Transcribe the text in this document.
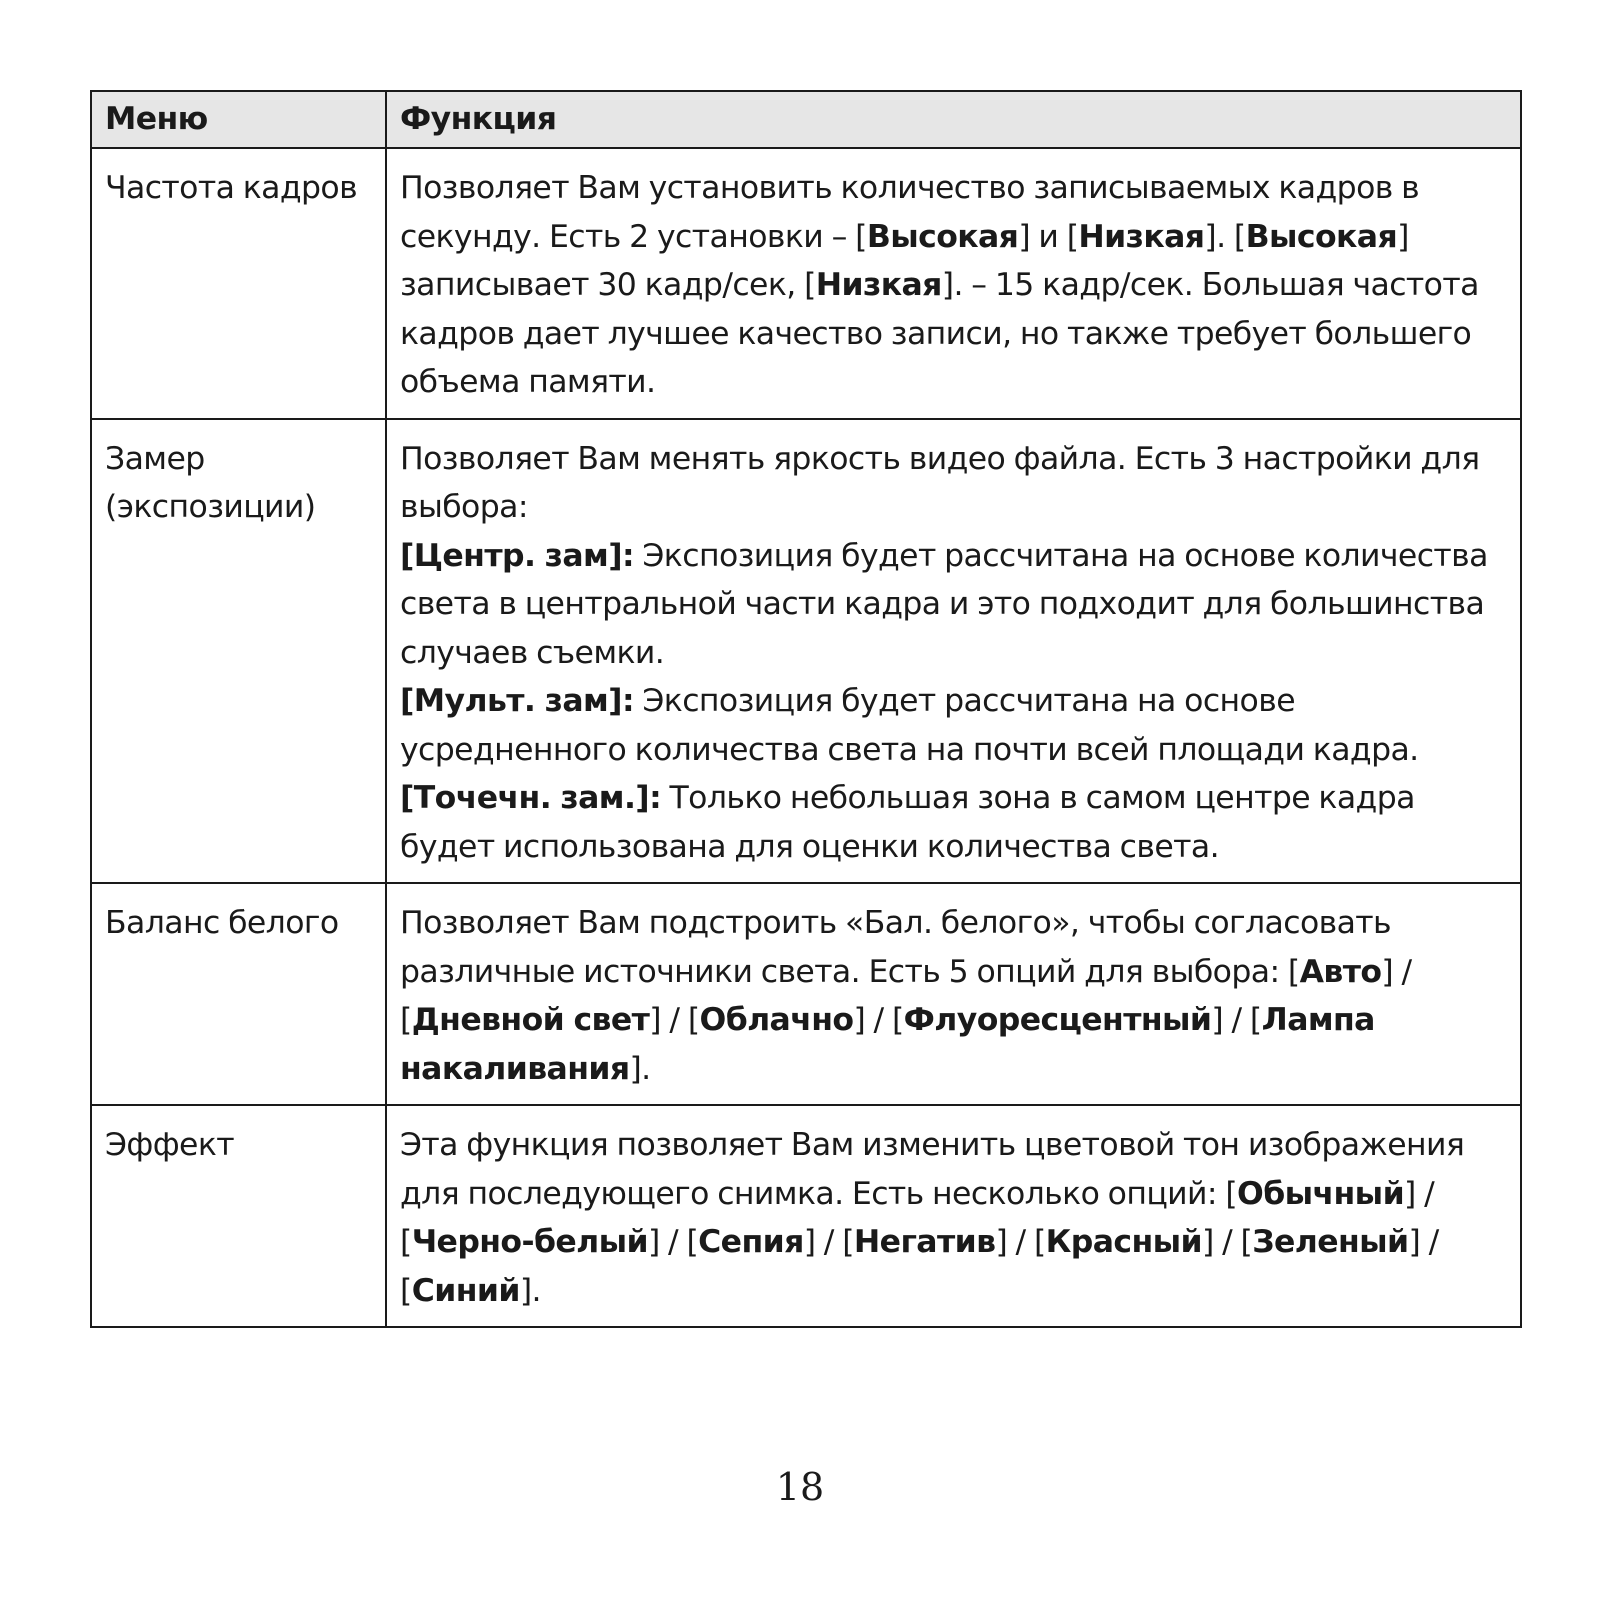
Меню	Функция
Частота кадров	Позволяет Вам установить количество записываемых кадров в секунду. Есть 2 установки – [Высокая] и [Низкая]. [Высокая] записывает 30 кадр/сек, [Низкая]. – 15 кадр/сек. Большая частота кадров дает лучшее качество записи, но также требует большего объема памяти.

Замер
(экспозиции)	Позволяет Вам менять яркость видео файла. Есть 3 настройки для выбора:
[Центр. зам]: Экспозиция будет рассчитана на основе количества света в центральной части кадра и это подходит для большинства случаев съемки.
[Мульт. зам]: Экспозиция будет рассчитана на основе усредненного количества света на почти всей площади кадра.
[Точечн. зам.]: Только небольшая зона в самом центре кадра будет использована для оценки количества света.

Баланс белого	Позволяет Вам подстроить «Бал. белого», чтобы согласовать различные источники света. Есть 5 опций для выбора: [Авто] / [Дневной свет] / [Облачно] / [Флуоресцентный] / [Лампа накаливания].
Эффект	Эта функция позволяет Вам изменить цветовой тон изображения для последующего снимка. Есть несколько опций: [Обычный] / [Черно-белый] / [Сепия] / [Негатив] / [Красный] / [Зеленый] / [Синий].
18
